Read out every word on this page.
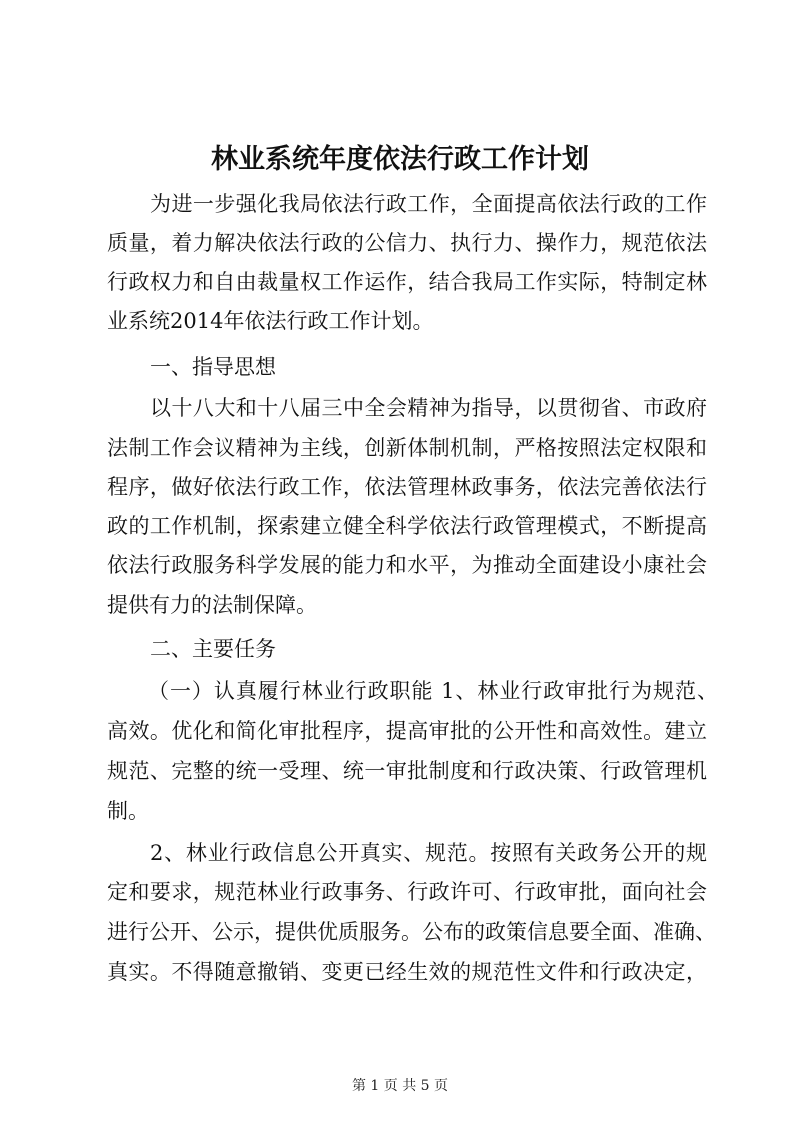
林业系统年度依法行政工作计划
为进一步强化我局依法行政工作，全面提高依法行政的工作
质量，着力解决依法行政的公信力、执行力、操作力，规范依法
行政权力和自由裁量权工作运作，结合我局工作实际，特制定林
业系统2014年依法行政工作计划。
一、指导思想
以十八大和十八届三中全会精神为指导，以贯彻省、市政府
法制工作会议精神为主线，创新体制机制，严格按照法定权限和
程序，做好依法行政工作，依法管理林政事务，依法完善依法行
政的工作机制，探索建立健全科学依法行政管理模式，不断提高
依法行政服务科学发展的能力和水平，为推动全面建设小康社会
提供有力的法制保障。
二、主要任务
（一）认真履行林业行政职能 1、林业行政审批行为规范、
高效。优化和简化审批程序，提高审批的公开性和高效性。建立
规范、完整的统一受理、统一审批制度和行政决策、行政管理机
制。
2、林业行政信息公开真实、规范。按照有关政务公开的规
定和要求，规范林业行政事务、行政许可、行政审批，面向社会
进行公开、公示，提供优质服务。公布的政策信息要全面、准确、
真实。不得随意撤销、变更已经生效的规范性文件和行政决定，
第 1 页 共 5 页
